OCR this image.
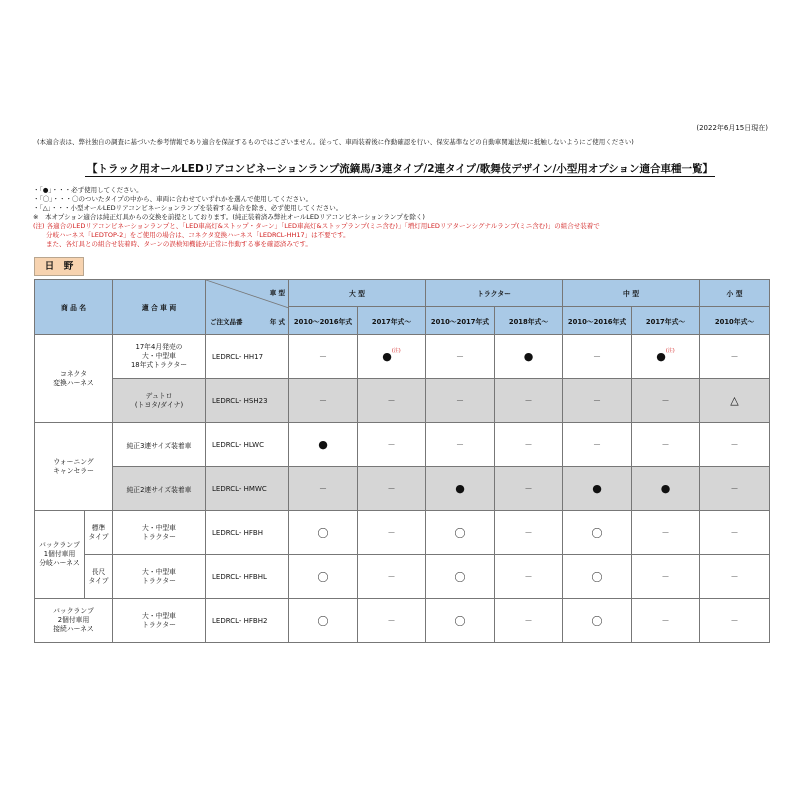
(2022年6月15日現在)
(本適合表は、弊社独自の調査に基づいた参考情報であり適合を保証するものではございません。従って、車両装着後に作動確認を行い、保安基準などの自動車関連法規に抵触しないようにご使用ください)
【トラック用オールLEDリアコンビネーションランプ流鏑馬/3連タイプ/2連タイプ/歌舞伎デザイン/小型用オプション適合車種一覧】
・「●」・・・必ず使用してください。
・「〇」・・・〇のついたタイプの中から、車両に合わせていずれかを選んで使用してください。
・「△」・・・小型オールLEDリアコンビネーションランプを装着する場合を除き、必ず使用してください。
※　本オプション適合は純正灯具からの交換を前提としております。(純正装着済み弊社オールLEDリアコンビネーションランプを除く)
(注) 各適合のLEDリアコンビネーションランプと、「LED車高灯&ストップ・ターン」「LED車高灯&ストップランプ(ミニ含む)」「増灯用LEDリアターンシグナルランプ(ミニ含む)」の組合せ装着で
　　分岐ハーネス「LEDTOP-2」をご使用の場合は、コネクタ変換ハーネス「LEDRCL-HH17」は不要です。
　　また、各灯具との組合せ装着時、ターンの誤検知機能が正常に作動する事を確認済みです。
日　野
商 品 名		適 合 車 両	車 型
ご注文品番 年 式	大 型		トラクター		中 型		小 型
				2010～2016年式	2017年式～	2010～2017年式	2018年式～	2010～2016年式	2017年式～	2010年式～
コネクタ
変換ハーネス		17年4月発売の
大・中型車
18年式トラクター	LEDRCL- HH17	－	●$^{(注)}$	－	●	－	●$^{(注)}$	－
		デュトロ
(トヨタ/ダイナ)	LEDRCL- HSH23	－	－	－	－	－	－	△
ウォーニング
キャンセラー		純正3連サイズ装着車	LEDRCL- HLWC	●	－	－	－	－	－	－
		純正2連サイズ装着車	LEDRCL- HMWC	－	－	●	－	●	●	－
バックランプ
1個付車用
分岐ハーネス	標準
タイプ	大・中型車
トラクター	LEDRCL- HFBH	〇	－	〇	－	〇	－	－
	長尺
タイプ	大・中型車
トラクター	LEDRCL- HFBHL	〇	－	〇	－	〇	－	－
バックランプ
2個付車用
接続ハーネス		大・中型車
トラクター	LEDRCL- HFBH2	〇	－	〇	－	〇	－	－
